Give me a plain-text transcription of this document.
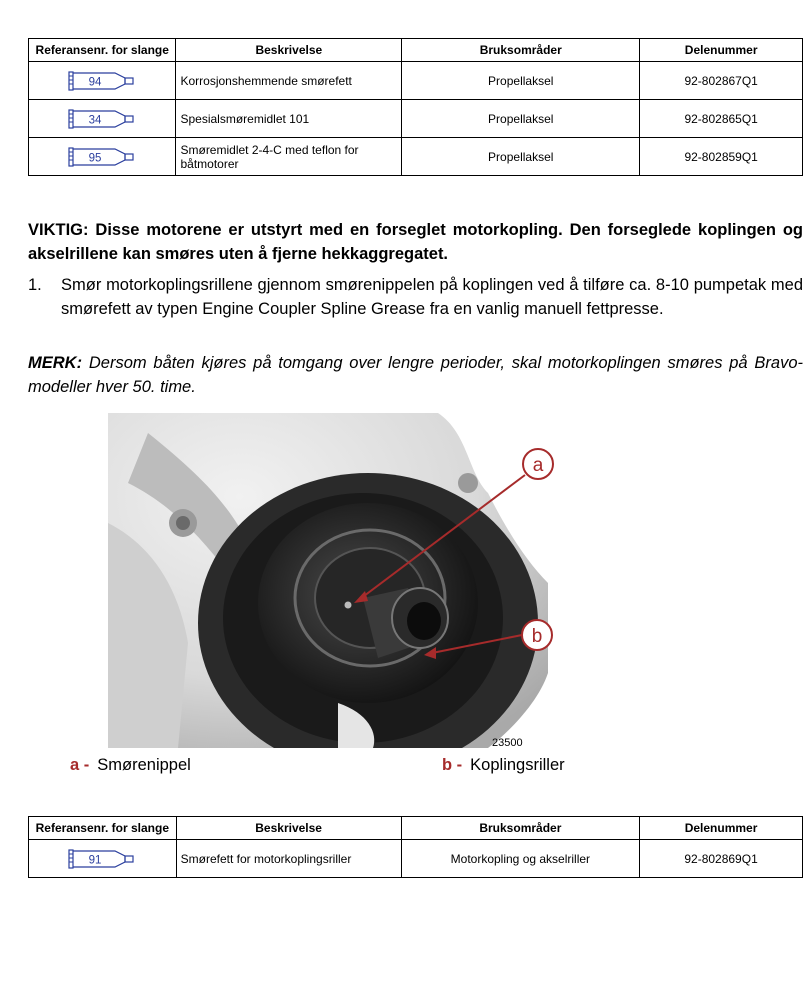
Referansenr. for slange	Beskrivelse	Bruksområder	Delenummer

94	Korrosjonshemmende smørefett	Propellaksel	92-802867Q1

34	Spesialsmøremidlet 101	Propellaksel	92-802865Q1

95	Smøremidlet 2-4-C med teflon for båtmotorer	Propellaksel	92-802859Q1
VIKTIG: Disse motorene er utstyrt med en forseglet motorkopling. Den forseglede koplingen og akselrillene kan smøres uten å fjerne hekkaggregatet.
1. Smør motorkoplingsrillene gjennom smørenippelen på koplingen ved å tilføre ca. 8-10 pumpetak med smørefett av typen Engine Coupler Spline Grease fra en vanlig manuell fettpresse.
MERK: Dersom båten kjøres på tomgang over lengre perioder, skal motorkoplingen smøres på Bravo-modeller hver 50. time.
a
b
23500
a - Smørenippel	b - Koplingsriller
Referansenr. for slange	Beskrivelse	Bruksområder	Delenummer

91	Smørefett for motorkoplingsriller	Motorkopling og akselriller	92-802869Q1
